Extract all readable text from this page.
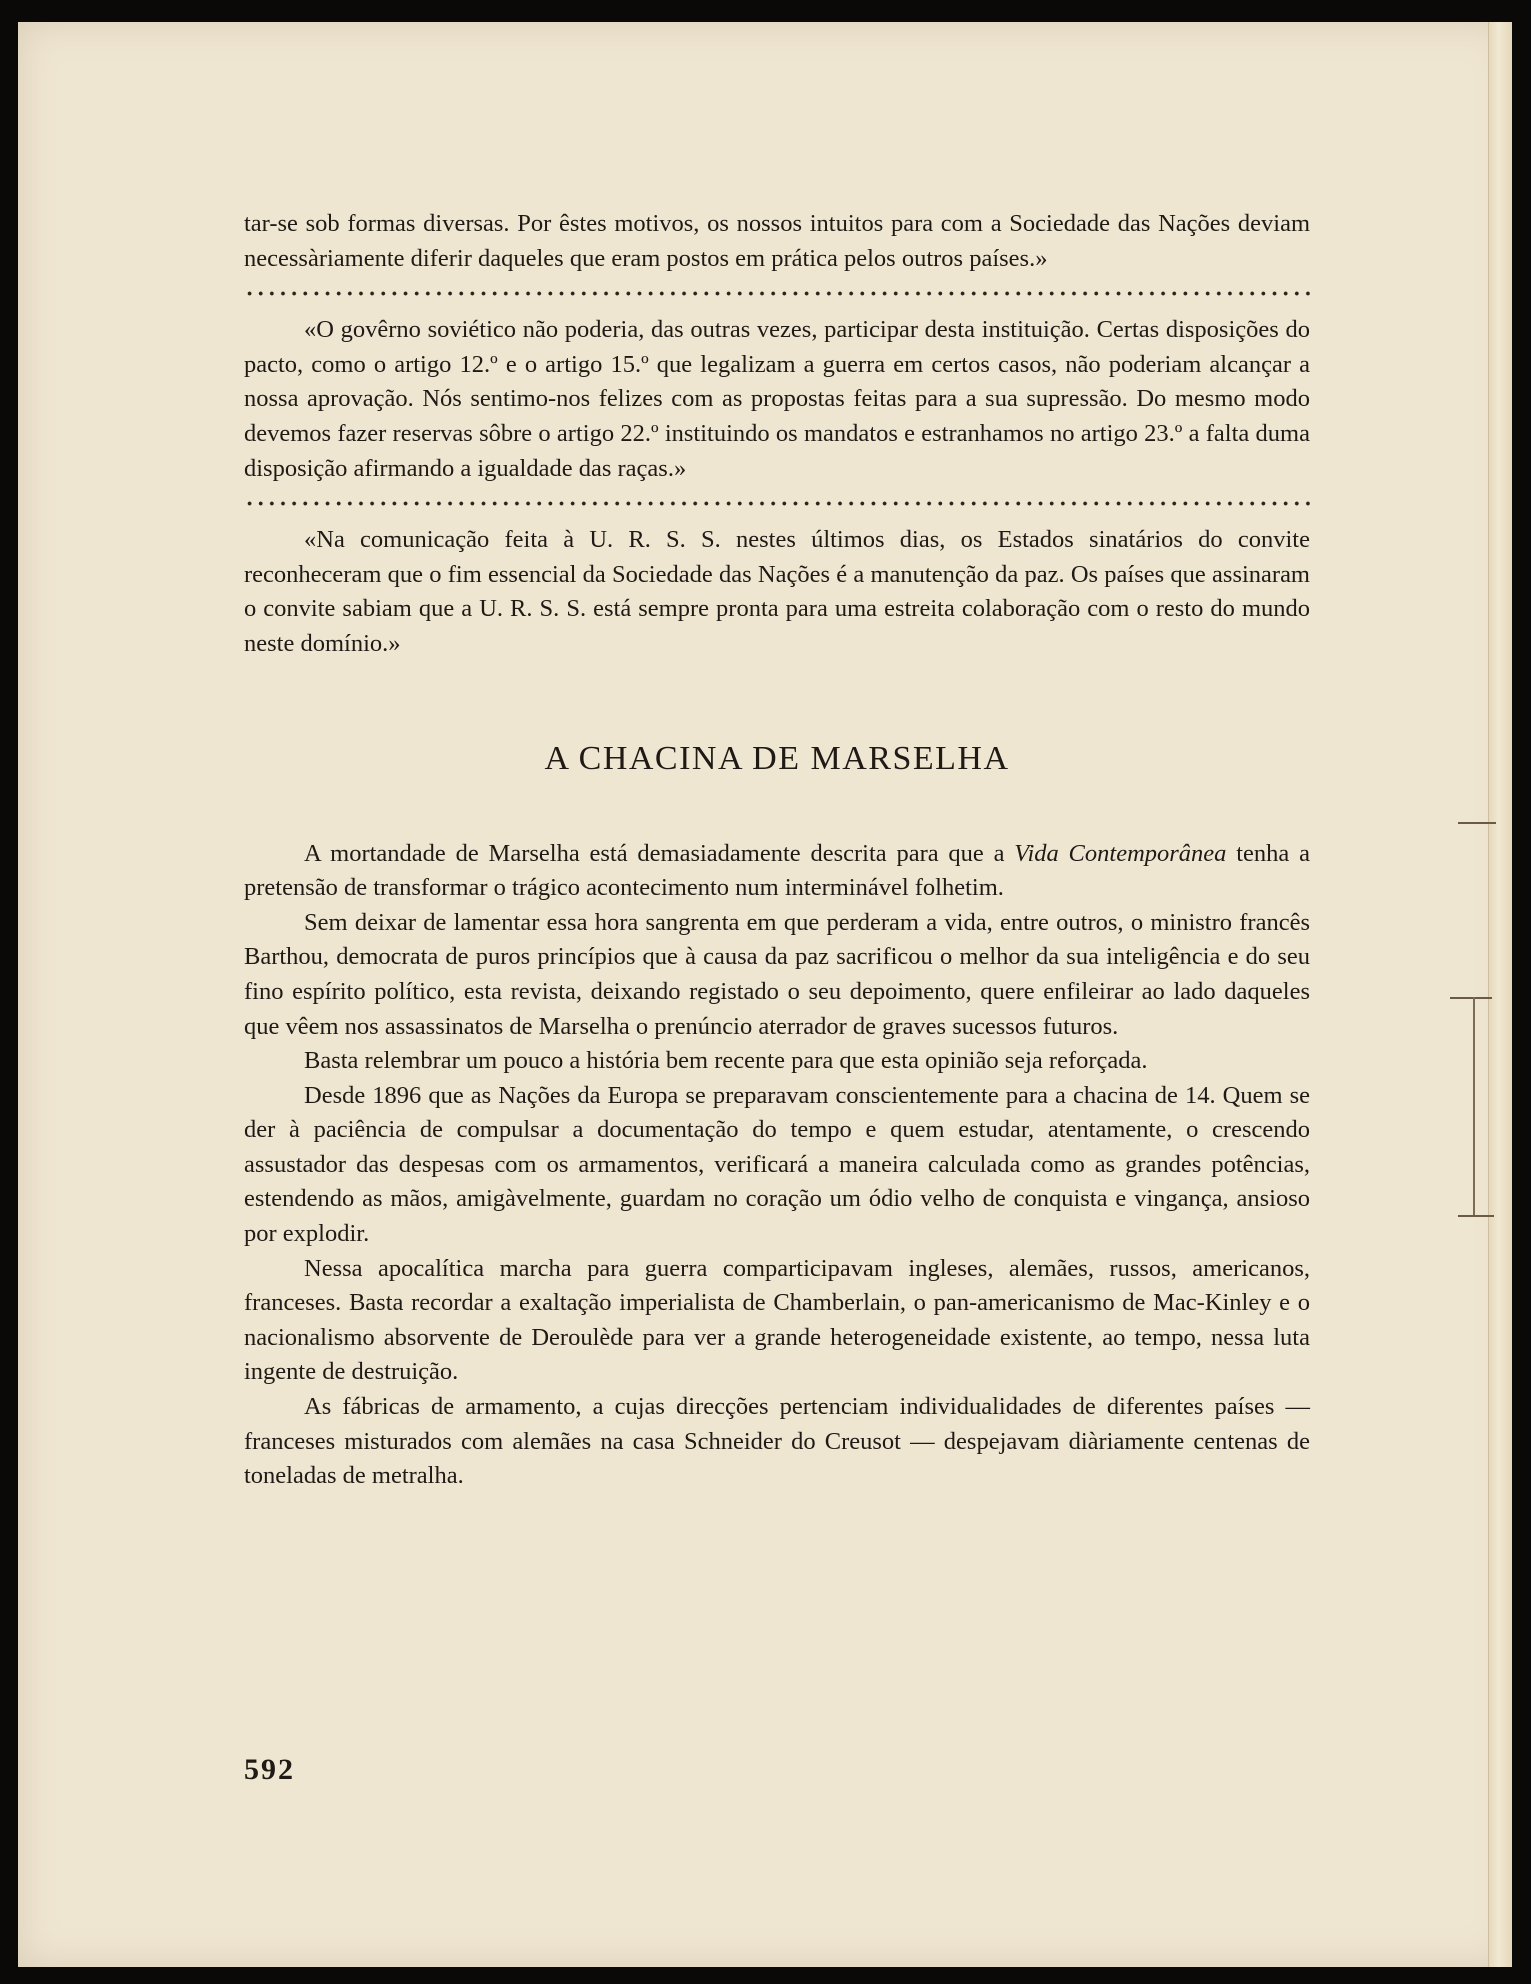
tar-se sob formas diversas. Por êstes motivos, os nossos intuitos para com a Sociedade das Nações deviam necessàriamente diferir daqueles que eram postos em prática pelos outros países.»

«O govêrno soviético não poderia, das outras vezes, participar desta instituição. Certas disposições do pacto, como o artigo 12.º e o artigo 15.º que legalizam a guerra em certos casos, não poderiam alcançar a nossa aprovação. Nós sentimo-nos felizes com as propostas feitas para a sua supressão. Do mesmo modo devemos fazer reservas sôbre o artigo 22.º instituindo os mandatos e estranhamos no artigo 23.º a falta duma disposição afirmando a igualdade das raças.»

«Na comunicação feita à U. R. S. S. nestes últimos dias, os Estados sinatários do convite reconheceram que o fim essencial da Sociedade das Nações é a manutenção da paz. Os países que assinaram o convite sabiam que a U. R. S. S. está sempre pronta para uma estreita colaboração com o resto do mundo neste domínio.»

A CHACINA DE MARSELHA

A mortandade de Marselha está demasiadamente descrita para que a Vida Contemporânea tenha a pretensão de transformar o trágico acontecimento num interminável folhetim.

Sem deixar de lamentar essa hora sangrenta em que perderam a vida, entre outros, o ministro francês Barthou, democrata de puros princípios que à causa da paz sacrificou o melhor da sua inteligência e do seu fino espírito político, esta revista, deixando registado o seu depoimento, quere enfileirar ao lado daqueles que vêem nos assassinatos de Marselha o prenúncio aterrador de graves sucessos futuros.

Basta relembrar um pouco a história bem recente para que esta opinião seja reforçada.

Desde 1896 que as Nações da Europa se preparavam conscientemente para a chacina de 14. Quem se der à paciência de compulsar a documentação do tempo e quem estudar, atentamente, o crescendo assustador das despesas com os armamentos, verificará a maneira calculada como as grandes potências, estendendo as mãos, amigàvelmente, guardam no coração um ódio velho de conquista e vingança, ansioso por explodir.

Nessa apocalítica marcha para guerra comparticipavam ingleses, alemães, russos, americanos, franceses. Basta recordar a exaltação imperialista de Chamberlain, o pan-americanismo de Mac-Kinley e o nacionalismo absorvente de Deroulède para ver a grande heterogeneidade existente, ao tempo, nessa luta ingente de destruição.

As fábricas de armamento, a cujas direcções pertenciam individualidades de diferentes países — franceses misturados com alemães na casa Schneider do Creusot — despejavam diàriamente centenas de toneladas de metralha.

592
